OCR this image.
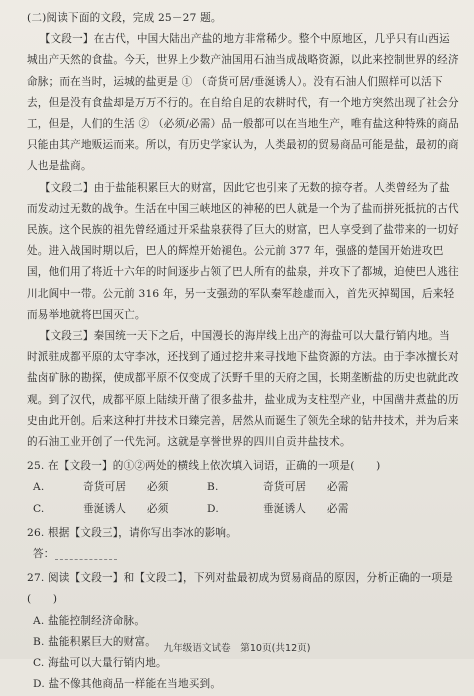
(二)阅读下面的文段，完成 25－27 题。
【文段一】在古代，中国大陆出产盐的地方非常稀少。整个中原地区，几乎只有山西运城出产天然的食盐。今天，世界上少数产油国用石油当成战略资源，以此来控制世界的经济命脉；而在当时，运城的盐更是 ① （奇货可居/垂涎诱人）。没有石油人们照样可以活下去，但是没有食盐却是万万不行的。在自给自足的农耕时代，有一个地方突然出现了社会分工，但是，人们的生活 ② （必须/必需）品一般都可以在当地生产，唯有盐这种特殊的商品只能由其产地贩运而来。所以，有历史学家认为，人类最初的贸易商品可能是盐，最初的商人也是盐商。
【文段二】由于盐能积累巨大的财富，因此它也引来了无数的掠夺者。人类曾经为了盐而发动过无数的战争。生活在中国三峡地区的神秘的巴人就是一个为了盐而拼死抵抗的古代民族。这个民族的祖先曾经通过开采盐泉获得了巨大的财富，巴人享受到了盐带来的一切好处。进入战国时期以后，巴人的辉煌开始褪色。公元前 377 年，强盛的楚国开始进攻巴国，他们用了将近十六年的时间逐步占领了巴人所有的盐泉，并攻下了都城，迫使巴人逃往川北阆中一带。公元前 316 年，另一支强劲的军队秦军趁虚而入，首先灭掉蜀国，后来轻而易举地就将巴国灭亡。
【文段三】秦国统一天下之后，中国漫长的海岸线上出产的海盐可以大量行销内地。当时派驻成都平原的太守李冰，还找到了通过挖井来寻找地下盐资源的方法。由于李冰擅长对盐卤矿脉的勘探，使成都平原不仅变成了沃野千里的天府之国，长期垄断盐的历史也就此改观。到了汉代，成都平原上陆续开凿了很多盐井，盐业成为支柱型产业，中国凿井煮盐的历史由此开创。后来这种打井技术日臻完善，居然从而诞生了领先全球的钻井技术，并为后来的石油工业开创了一代先河。这就是享誉世界的四川自贡井盐技术。
25. 在【文段一】的①②两处的横线上依次填入词语，正确的一项是(　　)
A.	奇货可居	必须	B.	奇货可居	必需
C.	垂涎诱人	必须	D.	垂涎诱人	必需
26. 根据【文段三】，请你写出李冰的影响。
答：
27. 阅读【文段一】和【文段二】，下列对盐最初成为贸易商品的原因，分析正确的一项是(　　)
A. 盐能控制经济命脉。
B. 盐能积累巨大的财富。
C. 海盐可以大量行销内地。
D. 盐不像其他商品一样能在当地买到。
九年级语文试卷　第10页(共12页)
